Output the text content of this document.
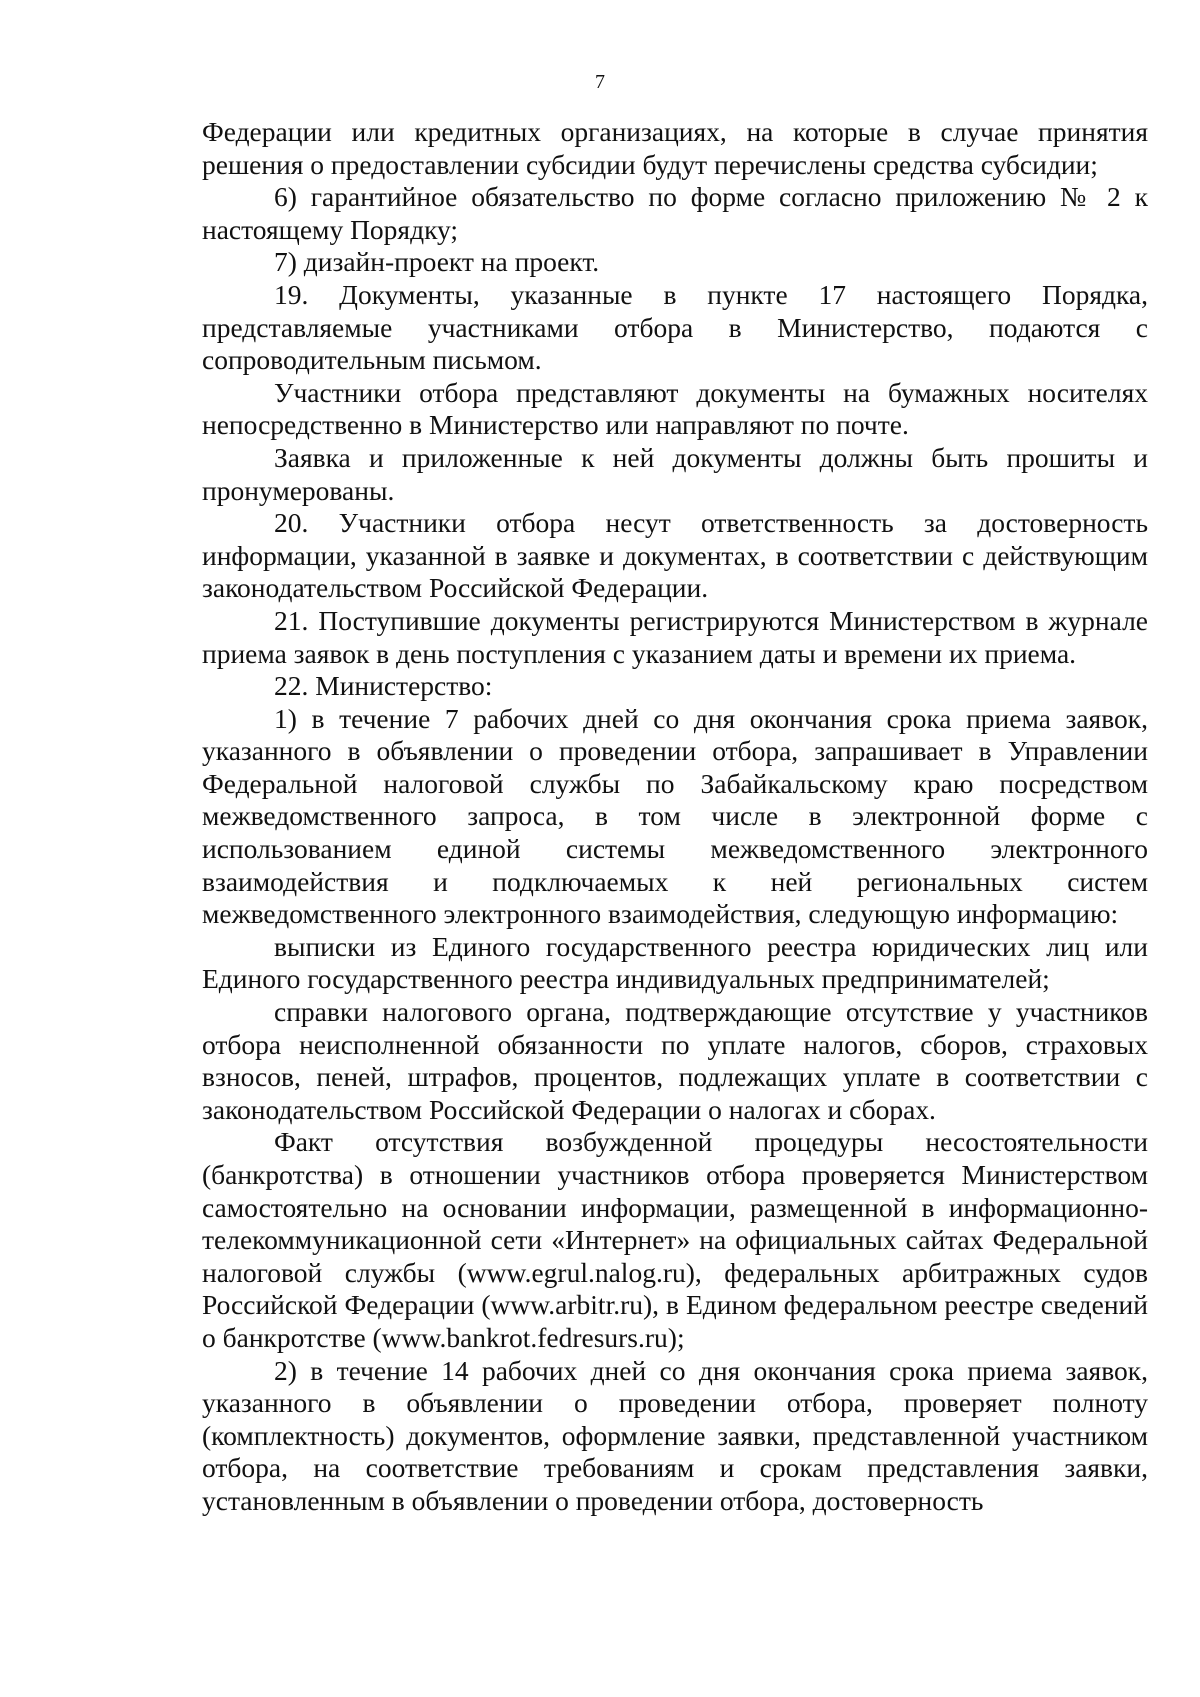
7

Федерации или кредитных организациях, на которые в случае принятия решения о предоставлении субсидии будут перечислены средства субсидии;

6) гарантийное обязательство по форме согласно приложению № 2 к настоящему Порядку;

7) дизайн-проект на проект.

19. Документы, указанные в пункте 17 настоящего Порядка, представляемые участниками отбора в Министерство, подаются с сопроводительным письмом.

Участники отбора представляют документы на бумажных носителях непосредственно в Министерство или направляют по почте.

Заявка и приложенные к ней документы должны быть прошиты и пронумерованы.

20. Участники отбора несут ответственность за достоверность информации, указанной в заявке и документах, в соответствии с действующим законодательством Российской Федерации.

21. Поступившие документы регистрируются Министерством в журнале приема заявок в день поступления с указанием даты и времени их приема.

22. Министерство:

1) в течение 7 рабочих дней со дня окончания срока приема заявок, указанного в объявлении о проведении отбора, запрашивает в Управлении Федеральной налоговой службы по Забайкальскому краю посредством межведомственного запроса, в том числе в электронной форме с использованием единой системы межведомственного электронного взаимодействия и подключаемых к ней региональных систем межведомственного электронного взаимодействия, следующую информацию:

выписки из Единого государственного реестра юридических лиц или Единого государственного реестра индивидуальных предпринимателей;

справки налогового органа, подтверждающие отсутствие у участников отбора неисполненной обязанности по уплате налогов, сборов, страховых взносов, пеней, штрафов, процентов, подлежащих уплате в соответствии с законодательством Российской Федерации о налогах и сборах.

Факт отсутствия возбужденной процедуры несостоятельности (банкротства) в отношении участников отбора проверяется Министерством самостоятельно на основании информации, размещенной в информационно-телекоммуникационной сети «Интернет» на официальных сайтах Федеральной налоговой службы (www.egrul.nalog.ru), федеральных арбитражных судов Российской Федерации (www.arbitr.ru), в Едином федеральном реестре сведений о банкротстве (www.bankrot.fedresurs.ru);

2) в течение 14 рабочих дней со дня окончания срока приема заявок, указанного в объявлении о проведении отбора, проверяет полноту (комплектность) документов, оформление заявки, представленной участником отбора, на соответствие требованиям и срокам представления заявки, установленным в объявлении о проведении отбора, достоверность
